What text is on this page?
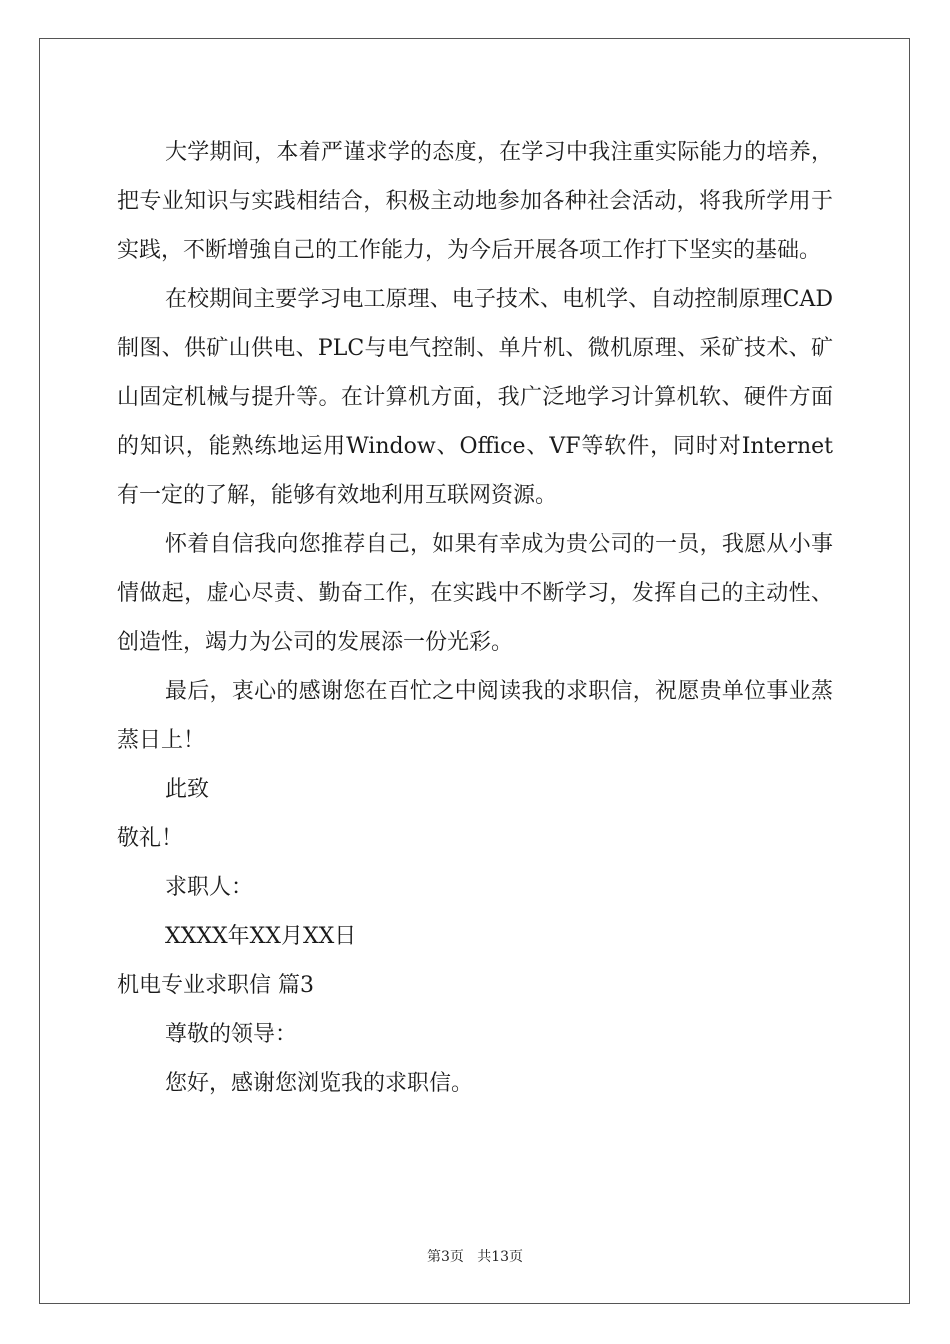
大学期间，本着严谨求学的态度，在学习中我注重实际能力的培养，把专业知识与实践相结合，积极主动地参加各种社会活动，将我所学用于实践，不断增強自己的工作能力，为今后开展各项工作打下坚实的基础。

在校期间主要学习电工原理、电子技术、电机学、自动控制原理CAD制图、供矿山供电、PLC与电气控制、单片机、微机原理、采矿技术、矿山固定机械与提升等。在计算机方面，我广泛地学习计算机软、硬件方面的知识，能熟练地运用Window、Office、VF等软件，同时对Internet有一定的了解，能够有效地利用互联网资源。

怀着自信我向您推荐自己，如果有幸成为贵公司的一员，我愿从小事情做起，虚心尽责、勤奋工作，在实践中不断学习，发挥自己的主动性、创造性，竭力为公司的发展添一份光彩。

最后，衷心的感谢您在百忙之中阅读我的求职信，祝愿贵单位事业蒸蒸日上！

此致

敬礼！

求职人：

XXXX年XX月XX日

机电专业求职信 篇3

尊敬的领导：

您好，感谢您浏览我的求职信。

第3页   共13页
